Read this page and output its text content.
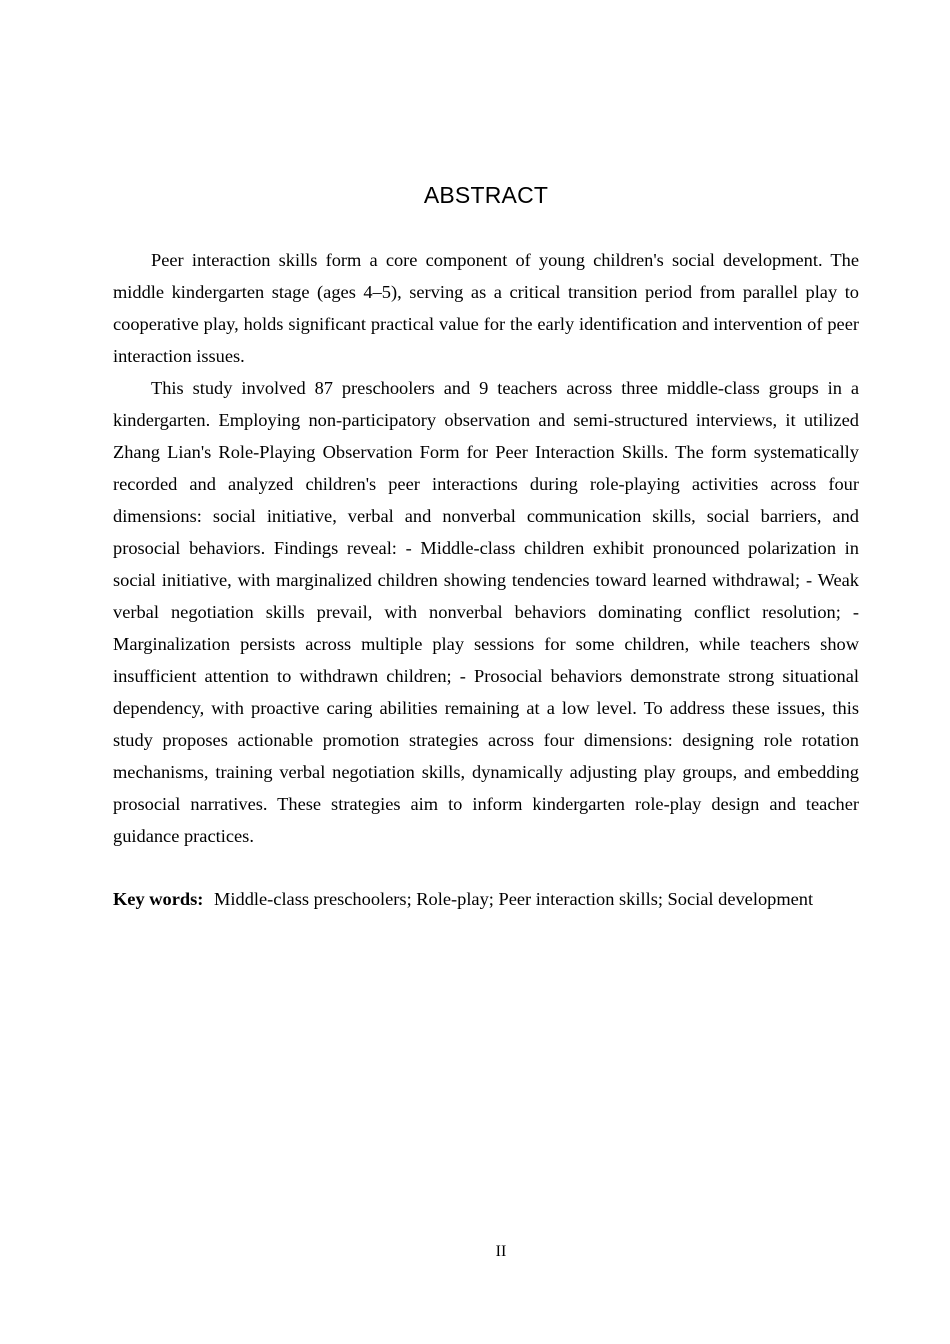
ABSTRACT

Peer interaction skills form a core component of young children's social development. The middle kindergarten stage (ages 4–5), serving as a critical transition period from parallel play to cooperative play, holds significant practical value for the early identification and intervention of peer interaction issues.

This study involved 87 preschoolers and 9 teachers across three middle-class groups in a kindergarten. Employing non-participatory observation and semi-structured interviews, it utilized Zhang Lian's Role-Playing Observation Form for Peer Interaction Skills. The form systematically recorded and analyzed children's peer interactions during role-playing activities across four dimensions: social initiative, verbal and nonverbal communication skills, social barriers, and prosocial behaviors. Findings reveal: - Middle-class children exhibit pronounced polarization in social initiative, with marginalized children showing tendencies toward learned withdrawal; - Weak verbal negotiation skills prevail, with nonverbal behaviors dominating conflict resolution; - Marginalization persists across multiple play sessions for some children, while teachers show insufficient attention to withdrawn children; - Prosocial behaviors demonstrate strong situational dependency, with proactive caring abilities remaining at a low level. To address these issues, this study proposes actionable promotion strategies across four dimensions: designing role rotation mechanisms, training verbal negotiation skills, dynamically adjusting play groups, and embedding prosocial narratives. These strategies aim to inform kindergarten role-play design and teacher guidance practices.

Key words: Middle-class preschoolers; Role-play; Peer interaction skills; Social development
II
